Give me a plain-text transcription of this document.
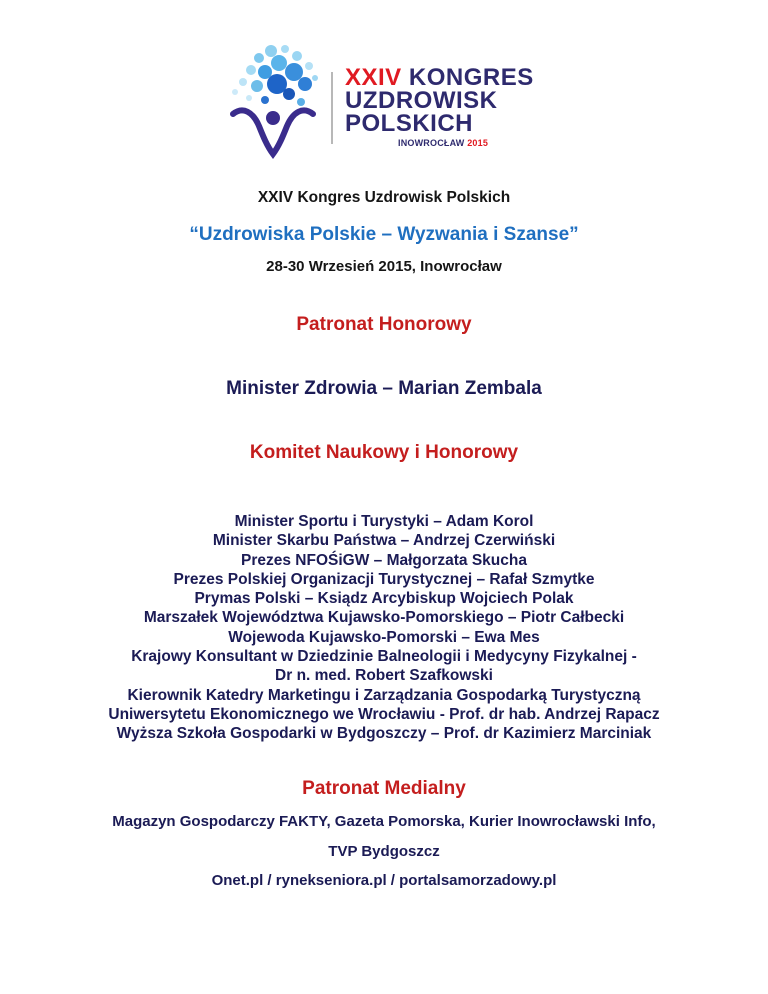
XXIV KONGRES
UZDROWISK
POLSKICH
INOWROCŁAW 2015
XXIV Kongres Uzdrowisk Polskich
“Uzdrowiska Polskie – Wyzwania i Szanse”
28-30 Wrzesień 2015, Inowrocław
Patronat Honorowy
Minister Zdrowia – Marian Zembala
Komitet Naukowy i Honorowy
Minister Sportu i Turystyki – Adam Korol
Minister Skarbu Państwa – Andrzej Czerwiński
Prezes NFOŚiGW – Małgorzata Skucha
Prezes Polskiej Organizacji Turystycznej – Rafał Szmytke
Prymas Polski – Ksiądz Arcybiskup Wojciech Polak
Marszałek Województwa Kujawsko-Pomorskiego – Piotr Całbecki
Wojewoda Kujawsko-Pomorski – Ewa Mes
Krajowy Konsultant w Dziedzinie Balneologii i Medycyny Fizykalnej -
Dr n. med. Robert Szafkowski
Kierownik Katedry Marketingu i Zarządzania Gospodarką Turystyczną
Uniwersytetu Ekonomicznego we Wrocławiu - Prof. dr hab. Andrzej Rapacz
Wyższa Szkoła Gospodarki w Bydgoszczy – Prof. dr Kazimierz Marciniak
Patronat Medialny
Magazyn Gospodarczy FAKTY, Gazeta Pomorska, Kurier Inowrocławski Info,
TVP Bydgoszcz
Onet.pl / rynekseniora.pl / portalsamorzadowy.pl
